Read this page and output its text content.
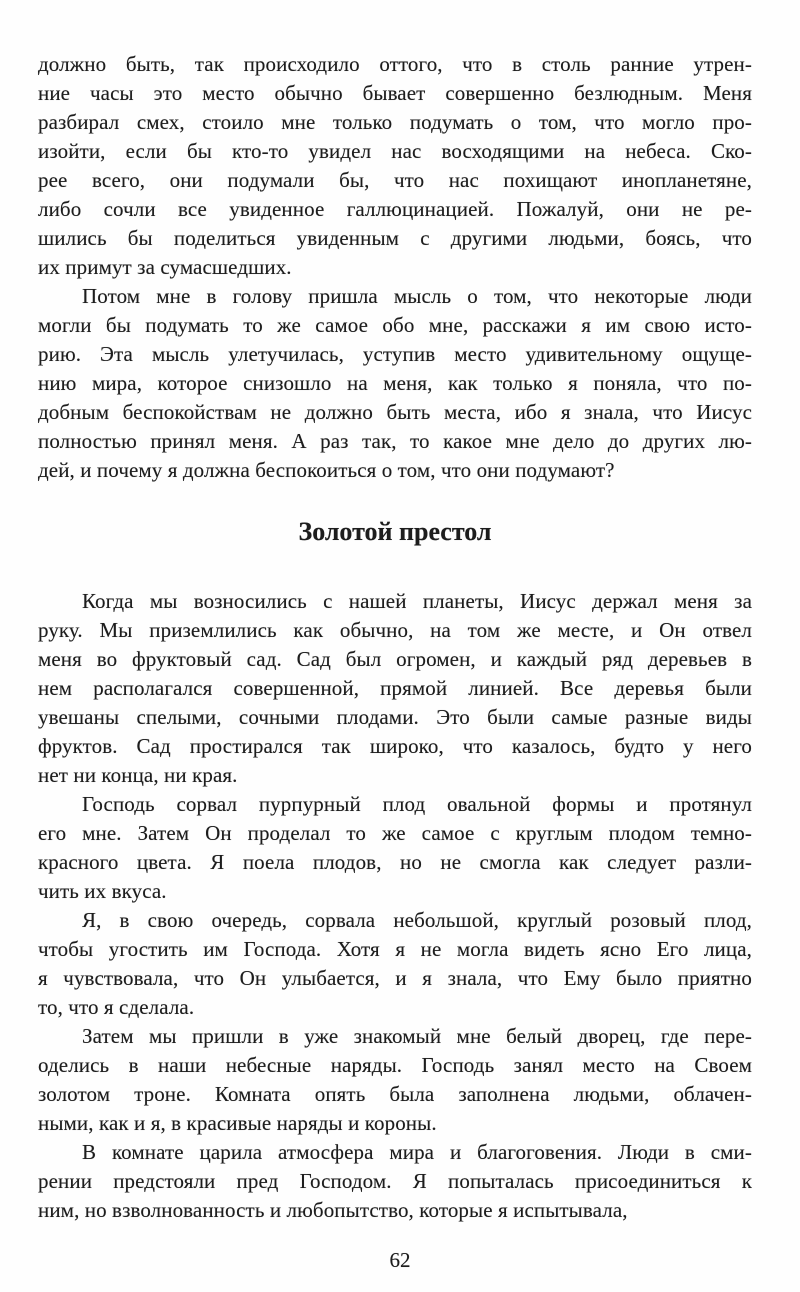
должно быть, так происходило оттого, что в столь ранние утрен-
ние часы это место обычно бывает совершенно безлюдным. Меня
разбирал смех, стоило мне только подумать о том, что могло про-
изойти, если бы кто-то увидел нас восходящими на небеса. Ско-
рее всего, они подумали бы, что нас похищают инопланетяне,
либо сочли все увиденное галлюцинацией. Пожалуй, они не ре-
шились бы поделиться увиденным с другими людьми, боясь, что
их примут за сумасшедших.
Потом мне в голову пришла мысль о том, что некоторые люди
могли бы подумать то же самое обо мне, расскажи я им свою исто-
рию. Эта мысль улетучилась, уступив место удивительному ощуще-
нию мира, которое снизошло на меня, как только я поняла, что по-
добным беспокойствам не должно быть места, ибо я знала, что Иисус
полностью принял меня. А раз так, то какое мне дело до других лю-
дей, и почему я должна беспокоиться о том, что они подумают?
Золотой престол
Когда мы возносились с нашей планеты, Иисус держал меня за
руку. Мы приземлились как обычно, на том же месте, и Он отвел
меня во фруктовый сад. Сад был огромен, и каждый ряд деревьев в
нем располагался совершенной, прямой линией. Все деревья были
увешаны спелыми, сочными плодами. Это были самые разные виды
фруктов. Сад простирался так широко, что казалось, будто у него
нет ни конца, ни края.
Господь сорвал пурпурный плод овальной формы и протянул
его мне. Затем Он проделал то же самое с круглым плодом темно-
красного цвета. Я поела плодов, но не смогла как следует разли-
чить их вкуса.
Я, в свою очередь, сорвала небольшой, круглый розовый плод,
чтобы угостить им Господа. Хотя я не могла видеть ясно Его лица,
я чувствовала, что Он улыбается, и я знала, что Ему было приятно
то, что я сделала.
Затем мы пришли в уже знакомый мне белый дворец, где пере-
оделись в наши небесные наряды. Господь занял место на Своем
золотом троне. Комната опять была заполнена людьми, облачен-
ными, как и я, в красивые наряды и короны.
В комнате царила атмосфера мира и благоговения. Люди в сми-
рении предстояли пред Господом. Я попыталась присоединиться к
ним, но взволнованность и любопытство, которые я испытывала,
62
